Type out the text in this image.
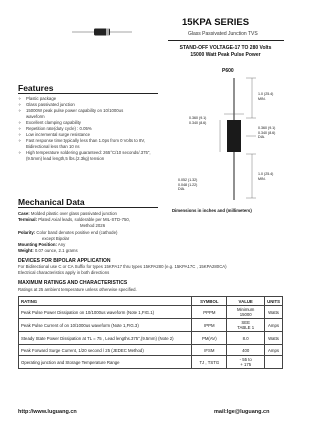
15KPA SERIES
Glass Passivated Junction TVS
STAND-OFF VOLTAGE-17 TO 280 Volts
15000 Watt Peak Pulse Power
P600
1.0 (25.4)
MIN.
0.360 (9.1)
0.340 (8.6)
DIA.
0.360 (9.1)
0.340 (8.6)
1.0 (25.4)
MIN.
0.052 (1.32)
0.048 (1.22)
DIA.
Dimensions in inches and (millimeters)
Features
✧ Plastic package
✧ Glass passivated junction
✧ 15000W peak pulse power capability on 10/1000us
waveform
✧ Excellent clamping capability
✧ Repetition rate(duty cycle) : 0.05%
✧ Low incremental surge resistance
✧ Fast response time:typically less than 1.0ps from 0 Volts to 8V,
Bidirectional less than 10 ns
✧ High temperature soldering guaranteed: 265°C/10 seconds/.375",
(9.5mm) lead length,5 lbs.(2.3kg) tension
Mechanical Data
Case: Molded plastic over glass passivated junction
Terminal: Plated Axial leads, solderable per MIL-STD-750,
Method 2026
Polarity: Color band denotes positive end (cathode)
except Bipolar
Mounting Position: Any
Weight: 0.07 ounce, 2.1 grams
DEVICES FOR BIPOLAR APPLICATION
For Bidirectional use C or CA Suffix for types 15KPA17 thru types 15KPA280 (e.g. 15KPA17C , 15KPA280CA)
Electrical characteristics apply in both directions
MAXIMUM RATINGS AND CHARACTERISTICS
Ratings at 25 ambient temperature unless otherwise specified.
RATING	SYMBOL	VALUE	UNITS
Peak Pulse Power Dissipation on 10/1000us waveform (Note 1,FIG.1)	PPPM	Minimum
15000	Watts
Peak Pulse Current of on 10/1000us waveform (Note 1,FIG.3)	IPPM	SEE
TABLE 1	Amps
Steady State Power Dissipation at TL = 75 , Lead lengths.375",(9.5mm) (Note 2)	PM(AV)	8.0	Watts
Peak Forward Surge Current, 1/20 second / 25 (JEDEC Method)	IFSM	400	Amps
Operating junction and Storage Temperature Range	TJ , TSTG	- 55 to
+ 175	
http://www.luguang.cn	mail:lge@luguang.cn
